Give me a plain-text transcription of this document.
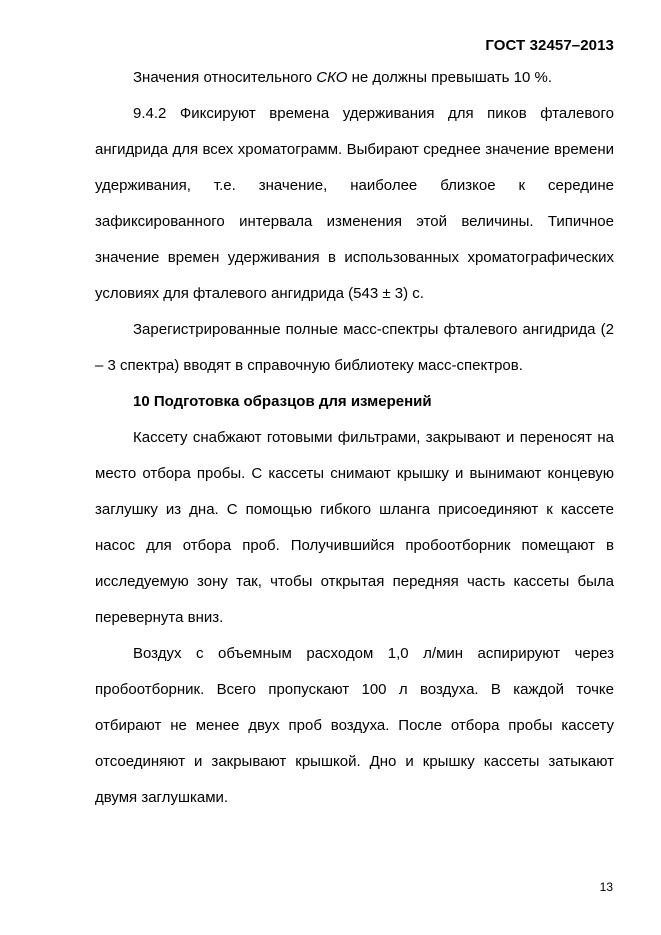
ГОСТ 32457–2013

Значения относительного СКО не должны превышать 10 %.

9.4.2 Фиксируют времена удерживания для пиков фталевого ангидрида для всех хроматограмм. Выбирают среднее значение времени удерживания, т.е. значение, наиболее близкое к середине зафиксированного интервала изменения этой величины. Типичное значение времен удерживания в использованных хроматографических условиях для фталевого ангидрида (543 ± 3) с.

Зарегистрированные полные масс-спектры фталевого ангидрида (2 – 3 спектра) вводят в справочную библиотеку масс-спектров.

10 Подготовка образцов для измерений

Кассету снабжают готовыми фильтрами, закрывают и переносят на место отбора пробы. С кассеты снимают крышку и вынимают концевую заглушку из дна. С помощью гибкого шланга присоединяют к кассете насос для отбора проб. Получившийся пробоотборник помещают в исследуемую зону так, чтобы открытая передняя часть кассеты была перевернута вниз.

Воздух с объемным расходом 1,0 л/мин аспирируют через пробоотборник. Всего пропускают 100 л воздуха. В каждой точке отбирают не менее двух проб воздуха. После отбора пробы кассету отсоединяют и закрывают крышкой. Дно и крышку кассеты затыкают двумя заглушками.

13
